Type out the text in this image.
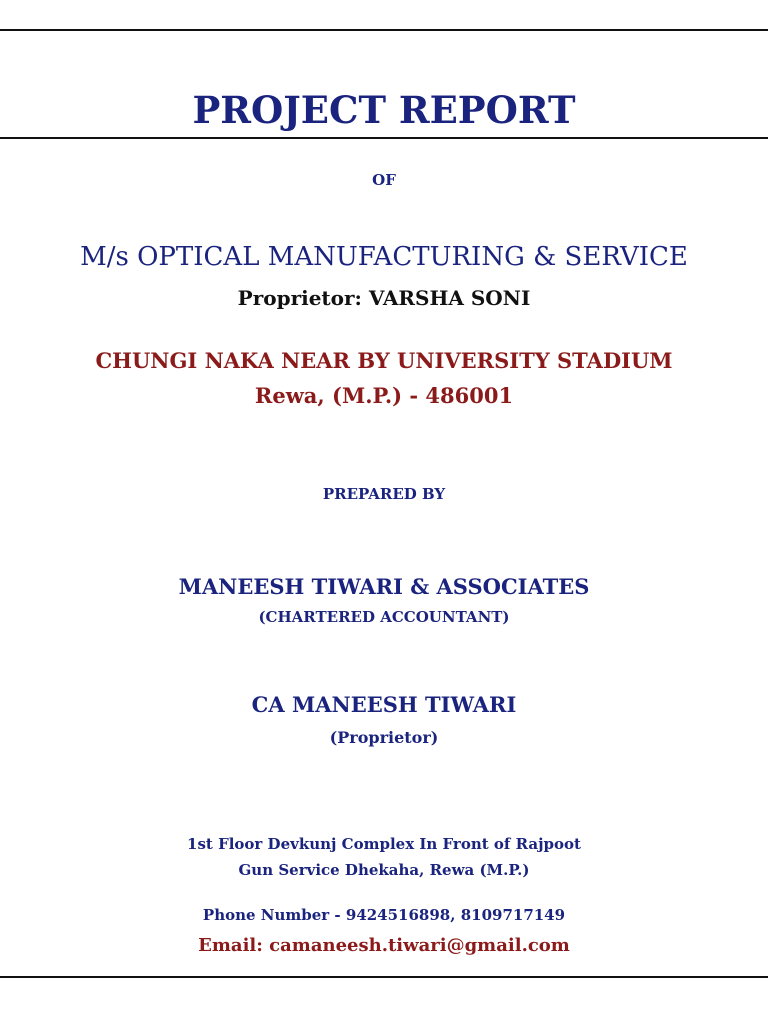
PROJECT REPORT
OF
M/s OPTICAL MANUFACTURING & SERVICE
Proprietor: VARSHA SONI
CHUNGI NAKA NEAR BY UNIVERSITY STADIUM
Rewa, (M.P.) - 486001
PREPARED BY
MANEESH TIWARI & ASSOCIATES
(CHARTERED ACCOUNTANT)
CA MANEESH TIWARI
(Proprietor)
1st Floor Devkunj Complex In Front of Rajpoot
Gun Service Dhekaha, Rewa (M.P.)
Phone Number - 9424516898, 8109717149
Email: camaneesh.tiwari@gmail.com
